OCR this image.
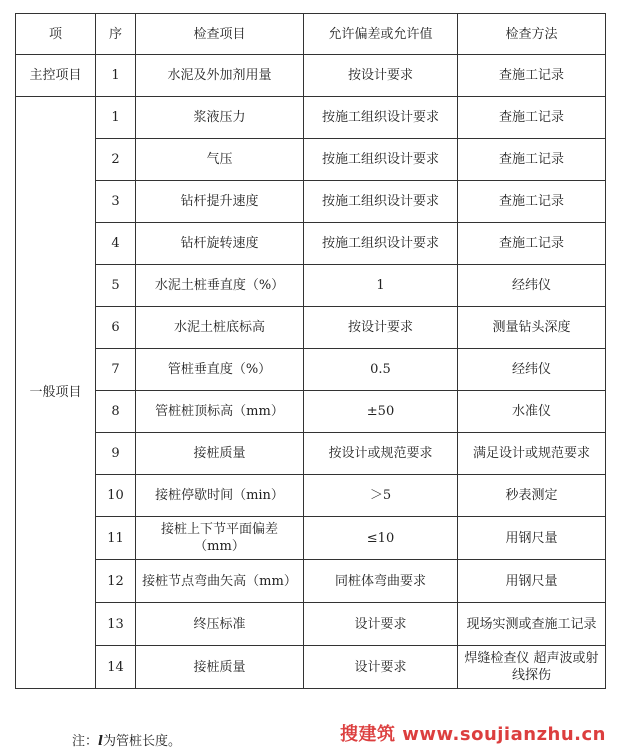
项	序	检查项目	允许偏差或允许值	检查方法
主控项目	1	水泥及外加剂用量	按设计要求	查施工记录
一般项目	1	浆液压力	按施工组织设计要求	查施工记录
	2	气压	按施工组织设计要求	查施工记录
	3	钻杆提升速度	按施工组织设计要求	查施工记录
	4	钻杆旋转速度	按施工组织设计要求	查施工记录
	5	水泥土桩垂直度（%）	1	经纬仪
	6	水泥土桩底标高	按设计要求	测量钻头深度
	7	管桩垂直度（%）	0.5	经纬仪
	8	管桩桩顶标高（mm）	±50	水准仪
	9	接桩质量	按设计或规范要求	满足设计或规范要求
	10	接桩停歇时间（min）	＞5	秒表测定
	11	接桩上下节平面偏差（mm）	≤10	用钢尺量
	12	接桩节点弯曲矢高（mm）	同桩体弯曲要求	用钢尺量
	13	终压标准	设计要求	现场实测或查施工记录
	14	接桩质量	设计要求	焊缝检查仪 超声波或射线探伤
注：l为管桩长度。	搜建筑 www.soujianzhu.cn
